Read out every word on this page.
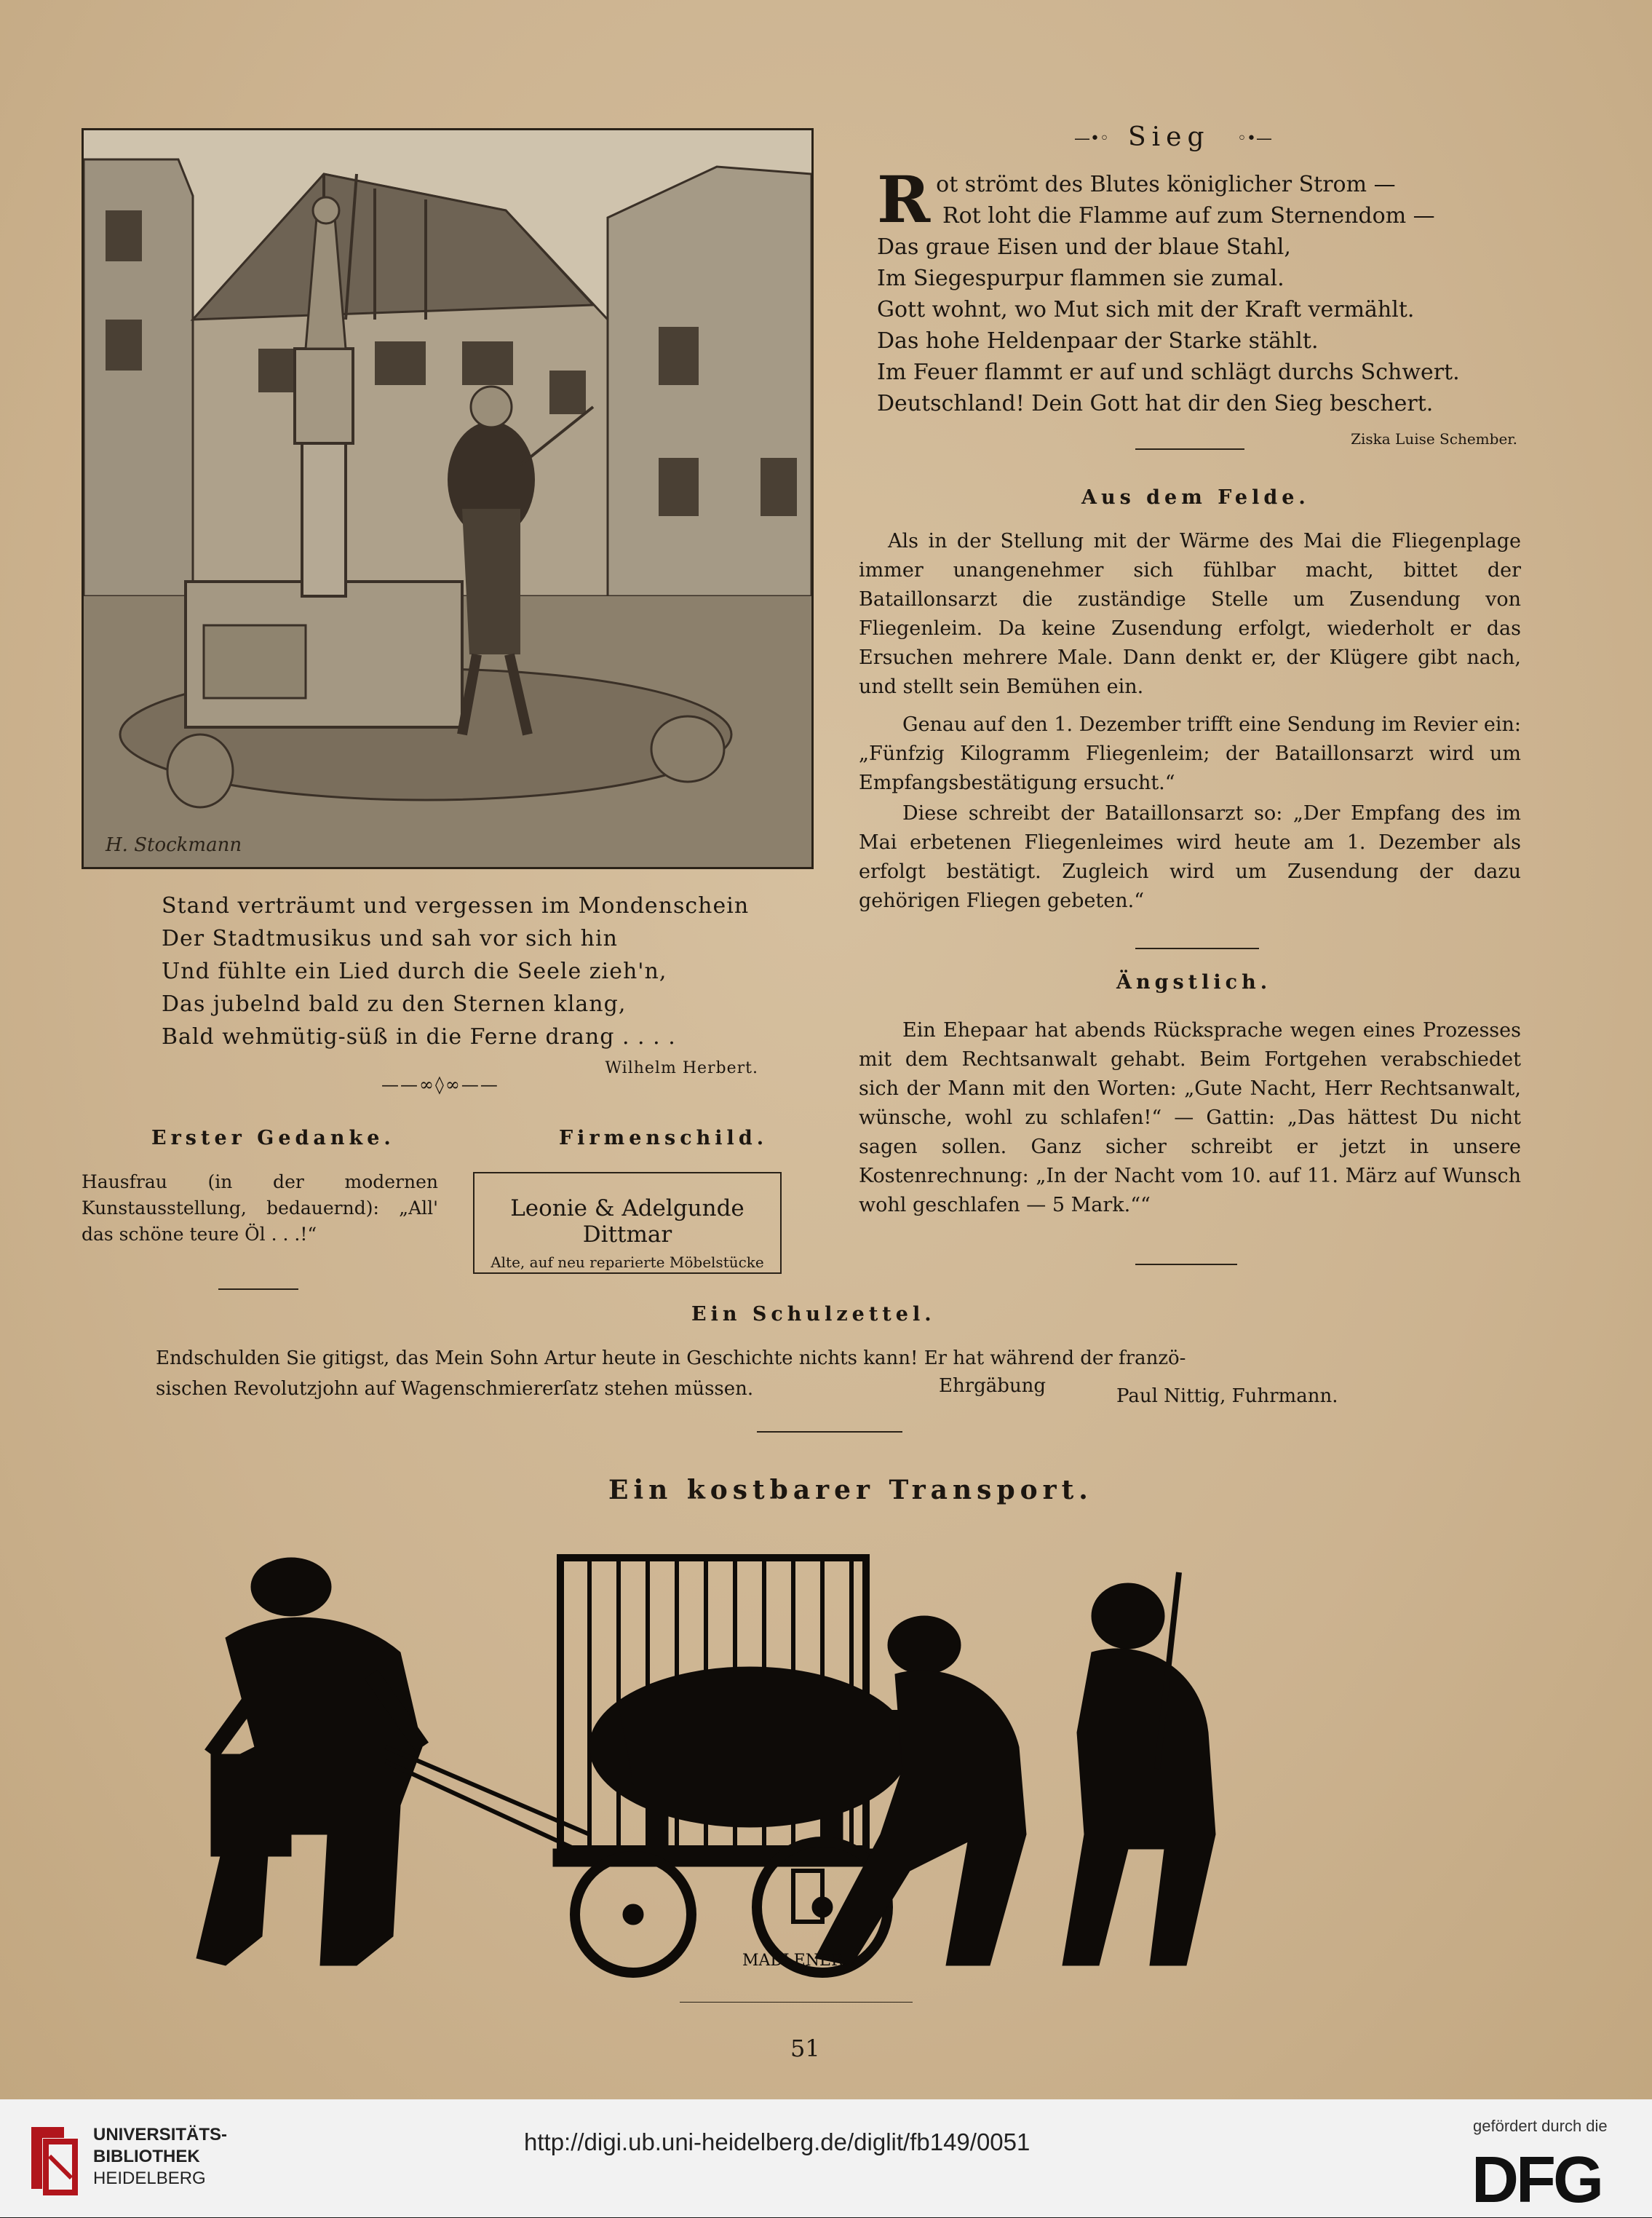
H. Stockmann
Stand verträumt und vergessen im Mondenschein
Der Stadtmusikus und sah vor sich hin
Und fühlte ein Lied durch die Seele zieh'n,
Das jubelnd bald zu den Sternen klang,
Bald wehmütig-süß in die Ferne drang . . . .
Wilhelm Herbert.
——∞◊∞——
Erster Gedanke.
Hausfrau (in der modernen Kunstausstellung, bedauernd): „All' das schöne teure Öl . . .!“
Firmenschild.
Leonie & Adelgunde Dittmar
Alte, auf neu reparierte Möbelstücke
—•◦ Sieg ◦•—
R ot strömt des Blutes königlicher Strom —
Rot loht die Flamme auf zum Sternendom —
Das graue Eisen und der blaue Stahl,
Im Siegespurpur flammen sie zumal.
Gott wohnt, wo Mut sich mit der Kraft vermählt.
Das hohe Heldenpaar der Starke stählt.
Im Feuer flammt er auf und schlägt durchs Schwert.
Deutschland! Dein Gott hat dir den Sieg beschert.
Ziska Luise Schember.
Aus dem Felde.
Als in der Stellung mit der Wärme des Mai die Fliegenplage immer unangenehmer sich fühlbar macht, bittet der Bataillonsarzt die zuständige Stelle um Zusendung von Fliegenleim. Da keine Zusendung erfolgt, wiederholt er das Ersuchen mehrere Male. Dann denkt er, der Klügere gibt nach, und stellt sein Bemühen ein.
Genau auf den 1. Dezember trifft eine Sendung im Revier ein: „Fünfzig Kilogramm Fliegenleim; der Bataillonsarzt wird um Empfangsbestätigung ersucht.“
Diese schreibt der Bataillonsarzt so: „Der Empfang des im Mai erbetenen Fliegenleimes wird heute am 1. Dezember als erfolgt bestätigt. Zugleich wird um Zusendung der dazu gehörigen Fliegen gebeten.“
Ängstlich.
Ein Ehepaar hat abends Rücksprache wegen eines Prozesses mit dem Rechtsanwalt gehabt. Beim Fortgehen verabschiedet sich der Mann mit den Worten: „Gute Nacht, Herr Rechtsanwalt, wünsche, wohl zu schlafen!“ — Gattin: „Das hättest Du nicht sagen sollen. Ganz sicher schreibt er jetzt in unsere Kostenrechnung: „In der Nacht vom 10. auf 11. März auf Wunsch wohl geschlafen — 5 Mark.““
Ein Schulzettel.
Endschulden Sie gitigst, das Mein Sohn Artur heute in Geschichte nichts kann! Er hat während der franzö-
sischen Revolutzjohn auf Wagenschmiererſatz stehen müssen.	Ehrgäbung	Paul Nittig, Fuhrmann.
Ein kostbarer Transport.
MADLENER.
51
UNIVERSITÄTS-
BIBLIOTHEK
HEIDELBERG
http://digi.ub.uni-heidelberg.de/diglit/fb149/0051
gefördert durch die
DFG
